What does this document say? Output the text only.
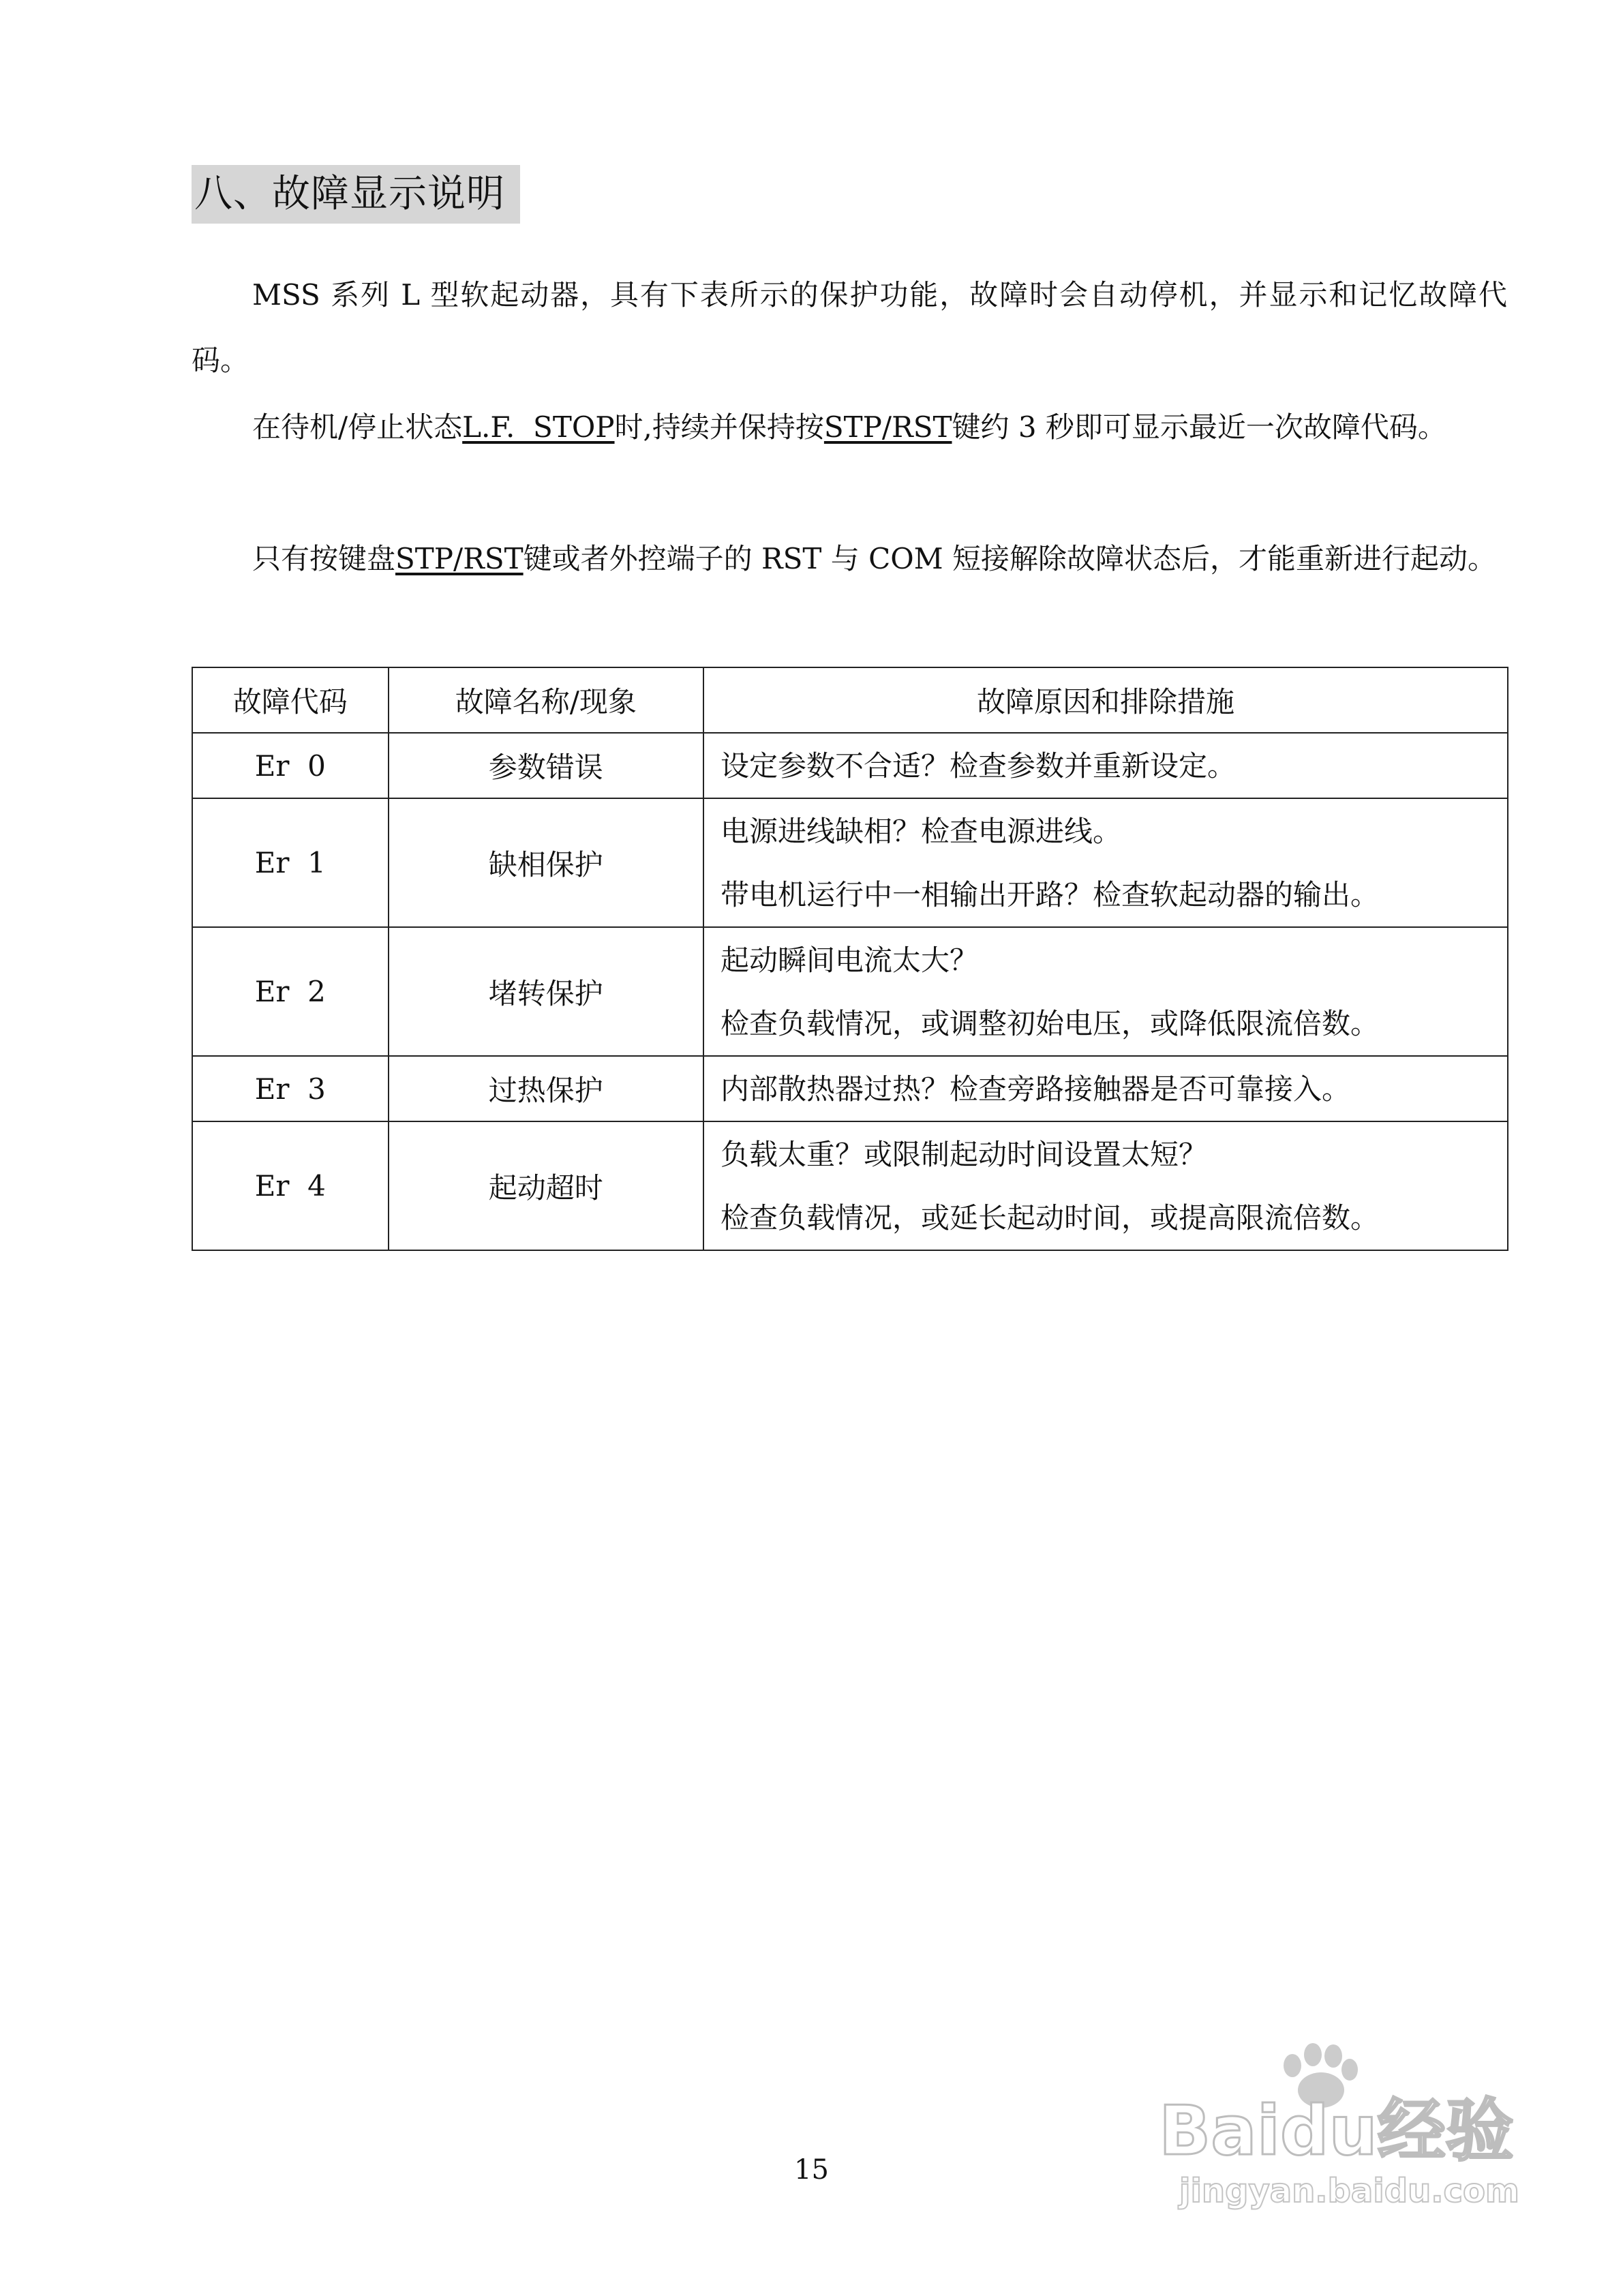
八、故障显示说明

MSS 系列 L 型软起动器，具有下表所示的保护功能，故障时会自动停机，并显示和记忆故障代码。

在待机/停止状态L.F.  STOP时,持续并保持按STP/RST键约 3 秒即可显示最近一次故障代码。

只有按键盘STP/RST键或者外控端子的 RST 与 COM 短接解除故障状态后，才能重新进行起动。

故障代码	故障名称/现象	故障原因和排除措施
Er  0	参数错误	设定参数不合适？检查参数并重新设定。

Er  1	缺相保护	电源进线缺相？检查电源进线。
带电机运行中一相输出开路？检查软起动器的输出。

Er  2	堵转保护	起动瞬间电流太大？
检查负载情况，或调整初始电压，或降低限流倍数。

Er  3	过热保护	内部散热器过热？检查旁路接触器是否可靠接入。

Er  4	起动超时	负载太重？或限制起动时间设置太短？
检查负载情况，或延长起动时间，或提高限流倍数。
Baidu经验
jingyan.baidu.com
15
